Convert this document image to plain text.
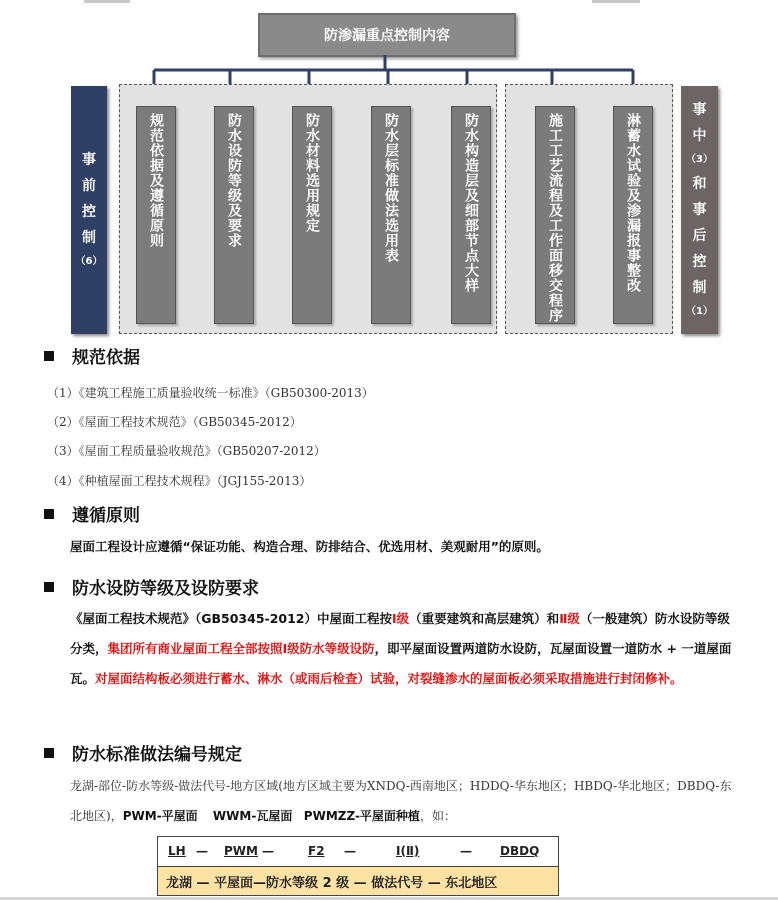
防渗漏重点控制内容
事
前
控
制
（6）
规范依据及遵循原则	防水设防等级及要求	防水材料选用规定	防水层标准做法选用表	防水构造层及细部节点大样	施工工艺流程及工作面移交程序	淋蓄水试验及渗漏报事整改
事
中
（3）
和
事
后
控
制
（1）
规范依据
（1）《建筑工程施工质量验收统一标准》（GB50300-2013）
（2）《屋面工程技术规范》（GB50345-2012）
（3）《屋面工程质量验收规范》（GB50207-2012）
（4）《种植屋面工程技术规程》（JGJ155-2013）
遵循原则
屋面工程设计应遵循“保证功能、构造合理、防排结合、优选用材、美观耐用”的原则。
防水设防等级及设防要求
《屋面工程技术规范》（GB50345-2012）中屋面工程按Ⅰ级（重要建筑和高层建筑）和Ⅱ级（一般建筑）防水设防等级分类，集团所有商业屋面工程全部按照Ⅰ级防水等级设防，即平屋面设置两道防水设防，瓦屋面设置一道防水 + 一道屋面瓦。对屋面结构板必须进行蓄水、淋水（或雨后检查）试验，对裂缝渗水的屋面板必须采取措施进行封闭修补。
防水标准做法编号规定
龙湖-部位-防水等级-做法代号-地方区域(地方区域主要为XNDQ-西南地区；HDDQ-华东地区；HBDQ-华北地区；DBDQ-东北地区)，PWM-平屋面 WWM-瓦屋面 PWMZZ-平屋面种植，如：
LH — PWM —	F2 —	Ⅰ(Ⅱ)	— DBDQ
龙湖 — 平屋面—防水等级 2 级 — 做法代号 — 东北地区
